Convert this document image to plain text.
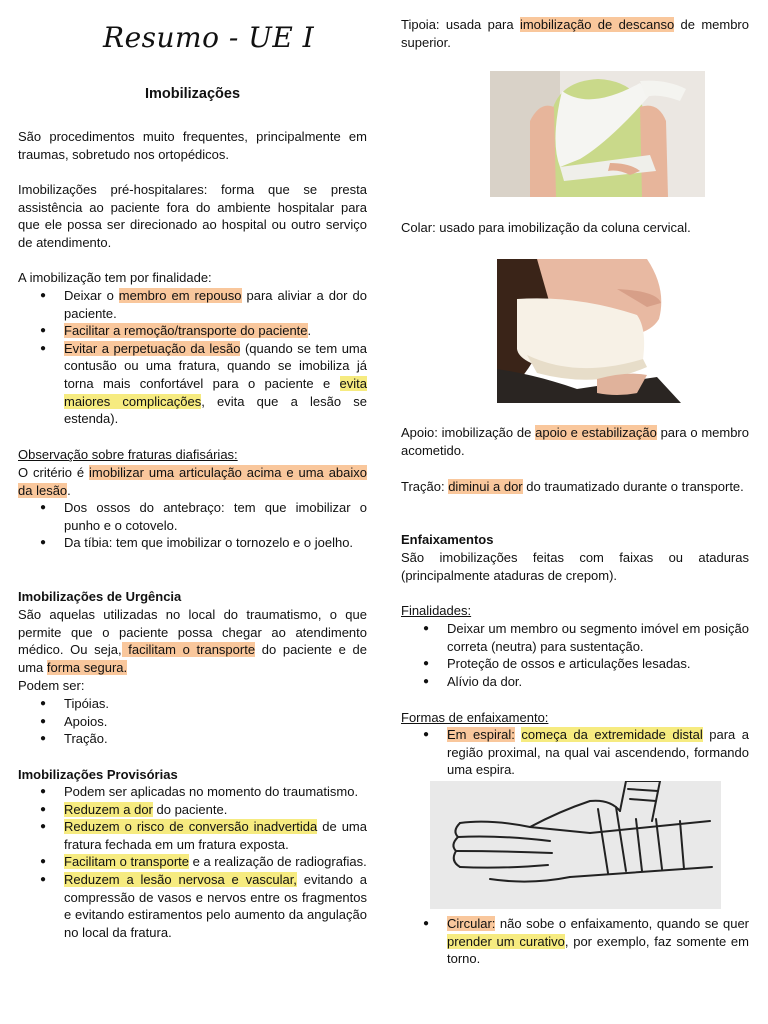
Resumo - UE I
Imobilizações

São procedimentos muito frequentes, principalmente em traumas, sobretudo nos ortopédicos.

Imobilizações pré-hospitalares: forma que se presta assistência ao paciente fora do ambiente hospitalar para que ele possa ser direcionado ao hospital ou outro serviço de atendimento.

A imobilização tem por finalidade:

● Deixar o membro em repouso para aliviar a dor do paciente.
● Facilitar a remoção/transporte do paciente.
● Evitar a perpetuação da lesão (quando se tem uma contusão ou uma fratura, quando se imobiliza já torna mais confortável para o paciente e evita maiores complicações, evita que a lesão se estenda).

Observação sobre fraturas diafisárias:

O critério é imobilizar uma articulação acima e uma abaixo da lesão.

● Dos ossos do antebraço: tem que imobilizar o punho e o cotovelo.
● Da tíbia: tem que imobilizar o tornozelo e o joelho.

Imobilizações de Urgência

São aquelas utilizadas no local do traumatismo, o que permite que o paciente possa chegar ao atendimento médico. Ou seja, facilitam o transporte do paciente e de uma forma segura.

Podem ser:

● Tipóias.
● Apoios.
● Tração.

Imobilizações Provisórias

● Podem ser aplicadas no momento do traumatismo.
● Reduzem a dor do paciente.
● Reduzem o risco de conversão inadvertida de uma fratura fechada em um fratura exposta.
● Facilitam o transporte e a realização de radiografias.
● Reduzem a lesão nervosa e vascular, evitando a compressão de vasos e nervos entre os fragmentos e evitando estiramentos pelo aumento da angulação no local da fratura.

Tipoia: usada para imobilização de descanso de membro superior.

Colar: usado para imobilização da coluna cervical.

Apoio: imobilização de apoio e estabilização para o membro acometido.

Tração: diminui a dor do traumatizado durante o transporte.

Enfaixamentos

São imobilizações feitas com faixas ou ataduras (principalmente ataduras de crepom).

Finalidades:

● Deixar um membro ou segmento imóvel em posição correta (neutra) para sustentação.
● Proteção de ossos e articulações lesadas.
● Alívio da dor.

Formas de enfaixamento:

● Em espiral: começa da extremidade distal para a região proximal, na qual vai ascendendo, formando uma espira.
● Circular: não sobe o enfaixamento, quando se quer prender um curativo, por exemplo, faz somente em torno.
